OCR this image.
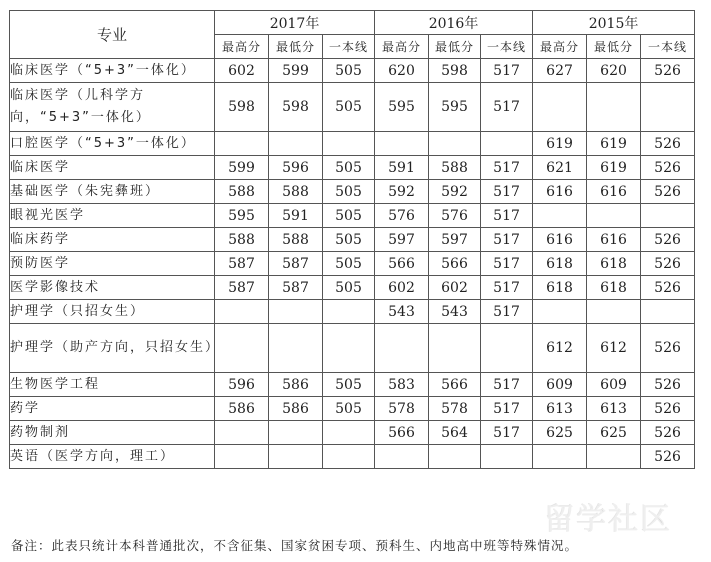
专业	2017年			2016年			2015年		
	最高分	最低分	一本线	最高分	最低分	一本线	最高分	最低分	一本线
临床医学（“5+3”一体化）	602	599	505	620	598	517	627	620	526
临床医学（儿科学方向，“5+3”一体化）	598	598	505	595	595	517			
口腔医学（“5+3”一体化）							619	619	526
临床医学	599	596	505	591	588	517	621	619	526
基础医学（朱宪彝班）	588	588	505	592	592	517	616	616	526
眼视光医学	595	591	505	576	576	517			
临床药学	588	588	505	597	597	517	616	616	526
预防医学	587	587	505	566	566	517	618	618	526
医学影像技术	587	587	505	602	602	517	618	618	526
护理学（只招女生）				543	543	517			
护理学（助产方向，只招女生）							612	612	526
生物医学工程	596	586	505	583	566	517	609	609	526
药学	586	586	505	578	578	517	613	613	526
药物制剂				566	564	517	625	625	526
英语（医学方向，理工）									526
备注：此表只统计本科普通批次，不含征集、国家贫困专项、预科生、内地高中班等特殊情况。
留学社区
